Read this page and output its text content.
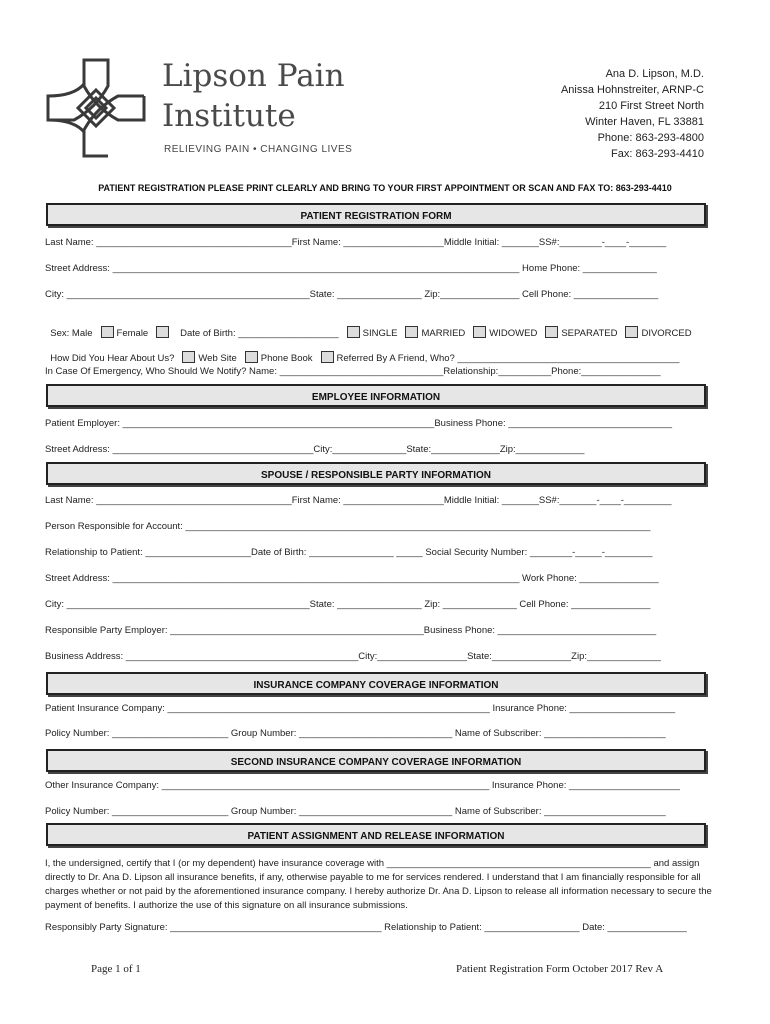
Lipson Pain
Institute
RELIEVING PAIN • CHANGING LIVES
Ana D. Lipson, M.D.
Anissa Hohnstreiter, ARNP-C
210 First Street North
Winter Haven, FL 33881
Phone: 863-293-4800
Fax: 863-293-4410
PATIENT REGISTRATION PLEASE PRINT CLEARLY AND BRING TO YOUR FIRST APPOINTMENT OR SCAN AND FAX TO: 863-293-4410
PATIENT REGISTRATION FORM
Last Name: _____________________________________First Name: ___________________Middle Initial: _______SS#:________-____-_______
Street Address: _____________________________________________________________________________ Home Phone: ______________
City: ______________________________________________State: ________________ Zip:_______________ Cell Phone: ________________

Sex: Male	Female	Date of Birth: ___________________	SINGLE	MARRIED	WIDOWED	SEPARATED	DIVORCED

How Did You Hear About Us?	Web Site	Phone Book	Referred By A Friend, Who? __________________________________________

In Case Of Emergency, Who Should We Notify? Name: _______________________________Relationship:__________Phone:_______________
EMPLOYEE INFORMATION
Patient Employer: ___________________________________________________________Business Phone: _______________________________
Street Address: ______________________________________City:______________State:_____________Zip:_____________
SPOUSE / RESPONSIBLE PARTY INFORMATION
Last Name: _____________________________________First Name: ___________________Middle Initial: _______SS#:_______-____-_________
Person Responsible for Account: ________________________________________________________________________________________
Relationship to Patient: ____________________Date of Birth: ________________ _____ Social Security Number: ________-_____-_________
Street Address: _____________________________________________________________________________ Work Phone: _______________
City: ______________________________________________State: ________________ Zip: ______________ Cell Phone: _______________
Responsible Party Employer: ________________________________________________Business Phone: ______________________________
Business Address: ____________________________________________City:_________________State:_______________Zip:______________
INSURANCE COMPANY COVERAGE INFORMATION
Patient Insurance Company: _____________________________________________________________ Insurance Phone: ____________________
Policy Number: ______________________ Group Number: _____________________________ Name of Subscriber: _______________________
SECOND INSURANCE COMPANY COVERAGE INFORMATION
Other Insurance Company: ______________________________________________________________ Insurance Phone: _____________________
Policy Number: ______________________ Group Number: _____________________________ Name of Subscriber: _______________________
PATIENT ASSIGNMENT AND RELEASE INFORMATION
I, the undersigned, certify that I (or my dependent) have insurance coverage with __________________________________________________ and assign directly to Dr. Ana D. Lipson all insurance benefits, if any, otherwise payable to me for services rendered. I understand that I am financially responsible for all charges whether or not paid by the aforementioned insurance company. I hereby authorize Dr. Ana D. Lipson to release all information necessary to secure the payment of benefits. I authorize the use of this signature on all insurance submissions.
Responsibly Party Signature: ________________________________________ Relationship to Patient: __________________ Date: _______________
Page 1 of 1	Patient Registration Form October 2017 Rev A
